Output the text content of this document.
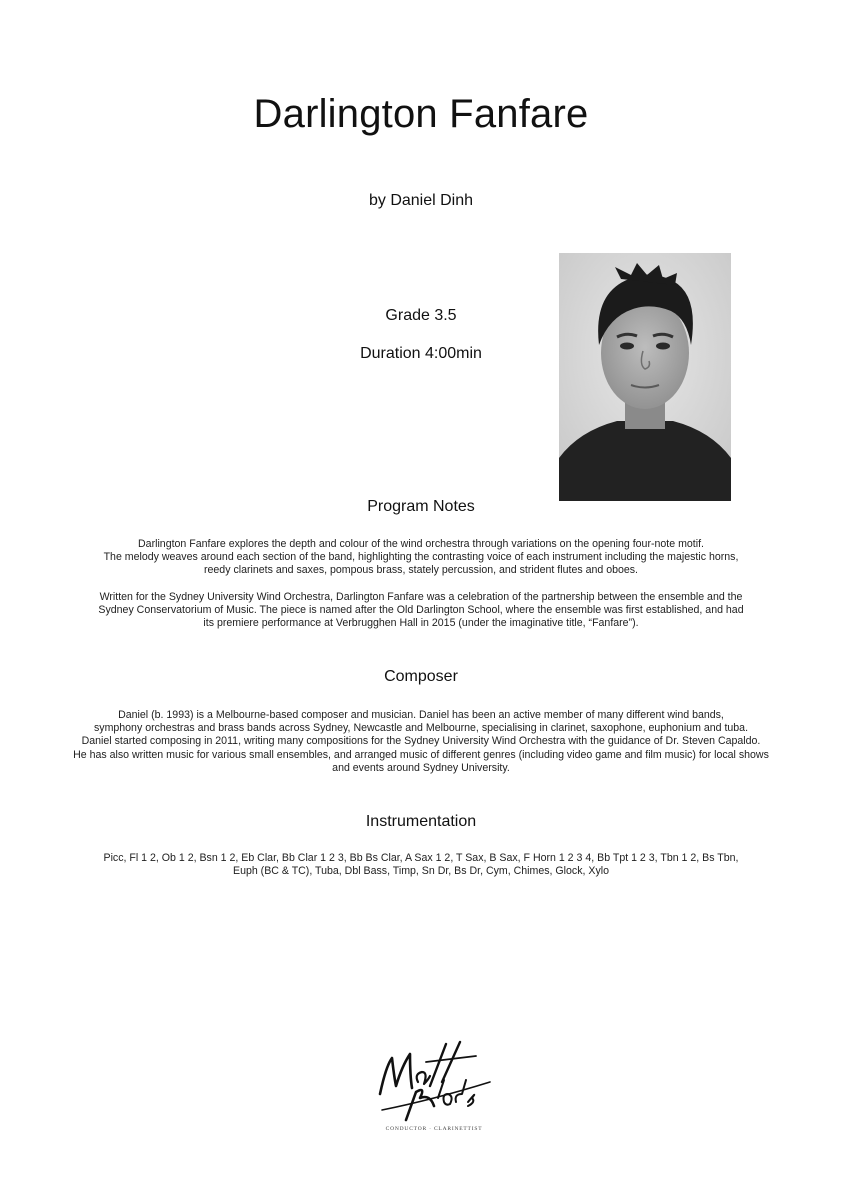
Darlington Fanfare
by Daniel Dinh
Grade 3.5
Duration 4:00min
Program Notes
Darlington Fanfare explores the depth and colour of the wind orchestra through variations on the opening four-note motif.
The melody weaves around each section of the band, highlighting the contrasting voice of each instrument including the majestic horns,
reedy clarinets and saxes, pompous brass, stately percussion, and strident flutes and oboes.
Written for the Sydney University Wind Orchestra, Darlington Fanfare was a celebration of the partnership between the ensemble and the
Sydney Conservatorium of Music. The piece is named after the Old Darlington School, where the ensemble was first established, and had
its premiere performance at Verbrugghen Hall in 2015 (under the imaginative title, “Fanfare”).
Composer
Daniel (b. 1993) is a Melbourne-based composer and musician. Daniel has been an active member of many different wind bands,
symphony orchestras and brass bands across Sydney, Newcastle and Melbourne, specialising in clarinet, saxophone, euphonium and tuba.
Daniel started composing in 2011, writing many compositions for the Sydney University Wind Orchestra with the guidance of Dr. Steven Capaldo.
He has also written music for various small ensembles, and arranged music of different genres (including video game and film music) for local shows
and events around Sydney University.
Instrumentation
Picc, Fl 1 2, Ob 1 2, Bsn 1 2, Eb Clar, Bb Clar 1 2 3, Bb Bs Clar, A Sax 1 2, T Sax, B Sax, F Horn 1 2 3 4, Bb Tpt 1 2 3, Tbn 1 2, Bs Tbn,
Euph (BC & TC), Tuba, Dbl Bass, Timp, Sn Dr, Bs Dr, Cym, Chimes, Glock, Xylo
CONDUCTOR · CLARINETTIST
